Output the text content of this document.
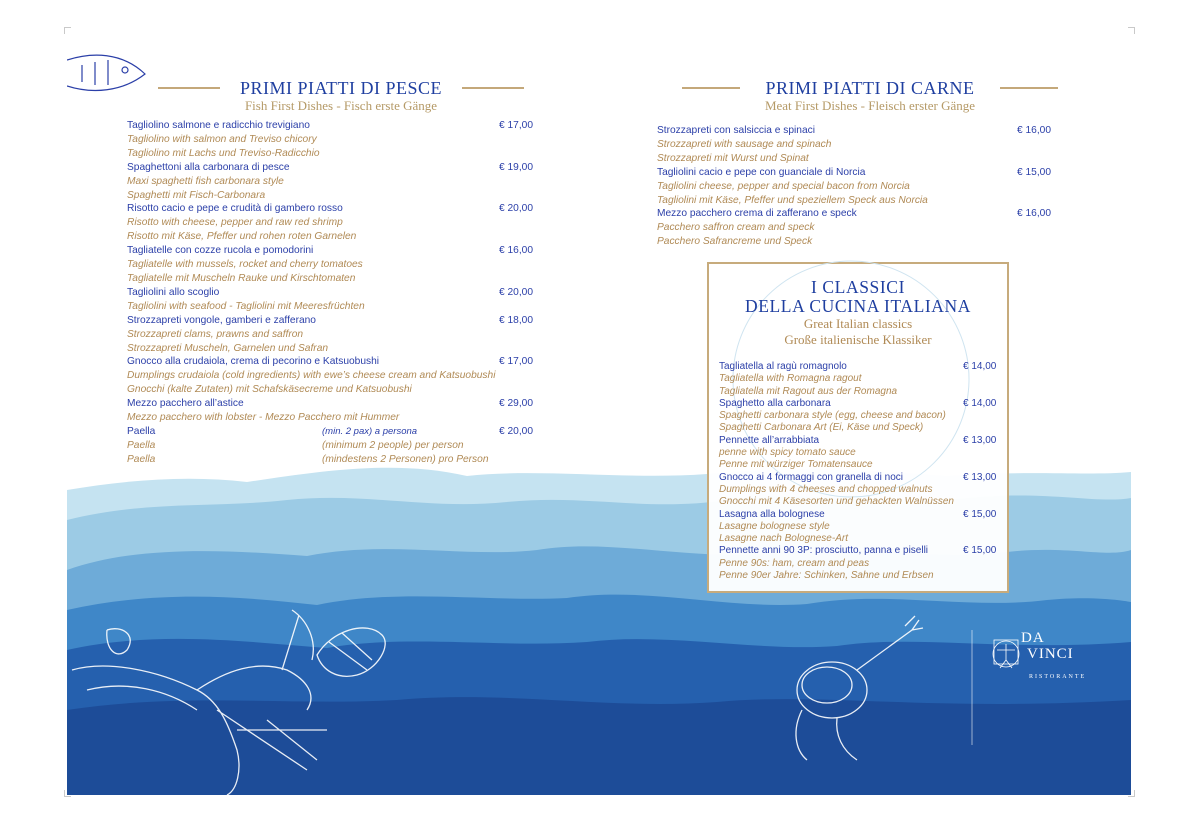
PRIMI PIATTI DI PESCE
Fish First Dishes - Fisch erste Gänge
Tagliolino salmone e radicchio trevigiano	€ 17,00
Tagliolino with salmon and Treviso chicory
Tagliolino mit Lachs und Treviso-Radicchio
Spaghettoni alla carbonara di pesce	€ 19,00
Maxi spaghetti fish carbonara style
Spaghetti mit Fisch-Carbonara
Risotto cacio e pepe e crudità di gambero rosso	€ 20,00
Risotto with cheese, pepper and raw red shrimp
Risotto mit Käse, Pfeffer und rohen roten Garnelen
Tagliatelle con cozze rucola e pomodorini	€ 16,00
Tagliatelle with mussels, rocket and cherry tomatoes
Tagliatelle mit Muscheln Rauke und Kirschtomaten
Tagliolini allo scoglio	€ 20,00
Tagliolini with seafood - Tagliolini mit Meeresfrüchten
Strozzapreti vongole, gamberi e zafferano	€ 18,00
Strozzapreti clams, prawns and saffron
Strozzapreti Muscheln, Garnelen und Safran
Gnocco alla crudaiola, crema di pecorino e Katsuobushi	€ 17,00
Dumplings crudaiola (cold ingredients) with ewe’s cheese cream and Katsuobushi
Gnocchi (kalte Zutaten) mit Schafskäsecreme und Katsuobushi
Mezzo pacchero all’astice	€ 29,00
Mezzo pacchero with lobster - Mezzo Pacchero mit Hummer
Paella	(min. 2 pax) a persona	€ 20,00
Paella	(minimum 2 people) per person
Paella	(mindestens 2 Personen) pro Person
PRIMI PIATTI DI CARNE
Meat First Dishes - Fleisch erster Gänge
Strozzapreti con salsiccia e spinaci	€ 16,00
Strozzapreti with sausage and spinach
Strozzapreti mit Wurst und Spinat
Tagliolini cacio e pepe con guanciale di Norcia	€ 15,00
Tagliolini cheese, pepper and special bacon from Norcia
Tagliolini mit Käse, Pfeffer und speziellem Speck aus Norcia
Mezzo pacchero crema di zafferano e speck	€ 16,00
Pacchero saffron cream and speck
Pacchero Safrancreme und Speck
I CLASSICI
DELLA CUCINA ITALIANA
Great Italian classics
Große italienische Klassiker
Tagliatella al ragù romagnolo	€ 14,00
Tagliatella with Romagna ragout
Tagliatella mit Ragout aus der Romagna
Spaghetto alla carbonara	€ 14,00
Spaghetti carbonara style (egg, cheese and bacon)
Spaghetti Carbonara Art (Ei, Käse und Speck)
Pennette all’arrabbiata	€ 13,00
penne with spicy tomato sauce
Penne mit würziger Tomatensauce
Gnocco ai 4 formaggi con granella di noci	€ 13,00
Dumplings with 4 cheeses and chopped walnuts
Gnocchi mit 4 Käsesorten und gehackten Walnüssen
Lasagna alla bolognese	€ 15,00
Lasagne bolognese style
Lasagne nach Bolognese-Art
Pennette anni 90 3P: prosciutto, panna e piselli	€ 15,00
Penne 90s: ham, cream and peas
Penne 90er Jahre: Schinken, Sahne und Erbsen
DA
VINCI
RISTORANTE
